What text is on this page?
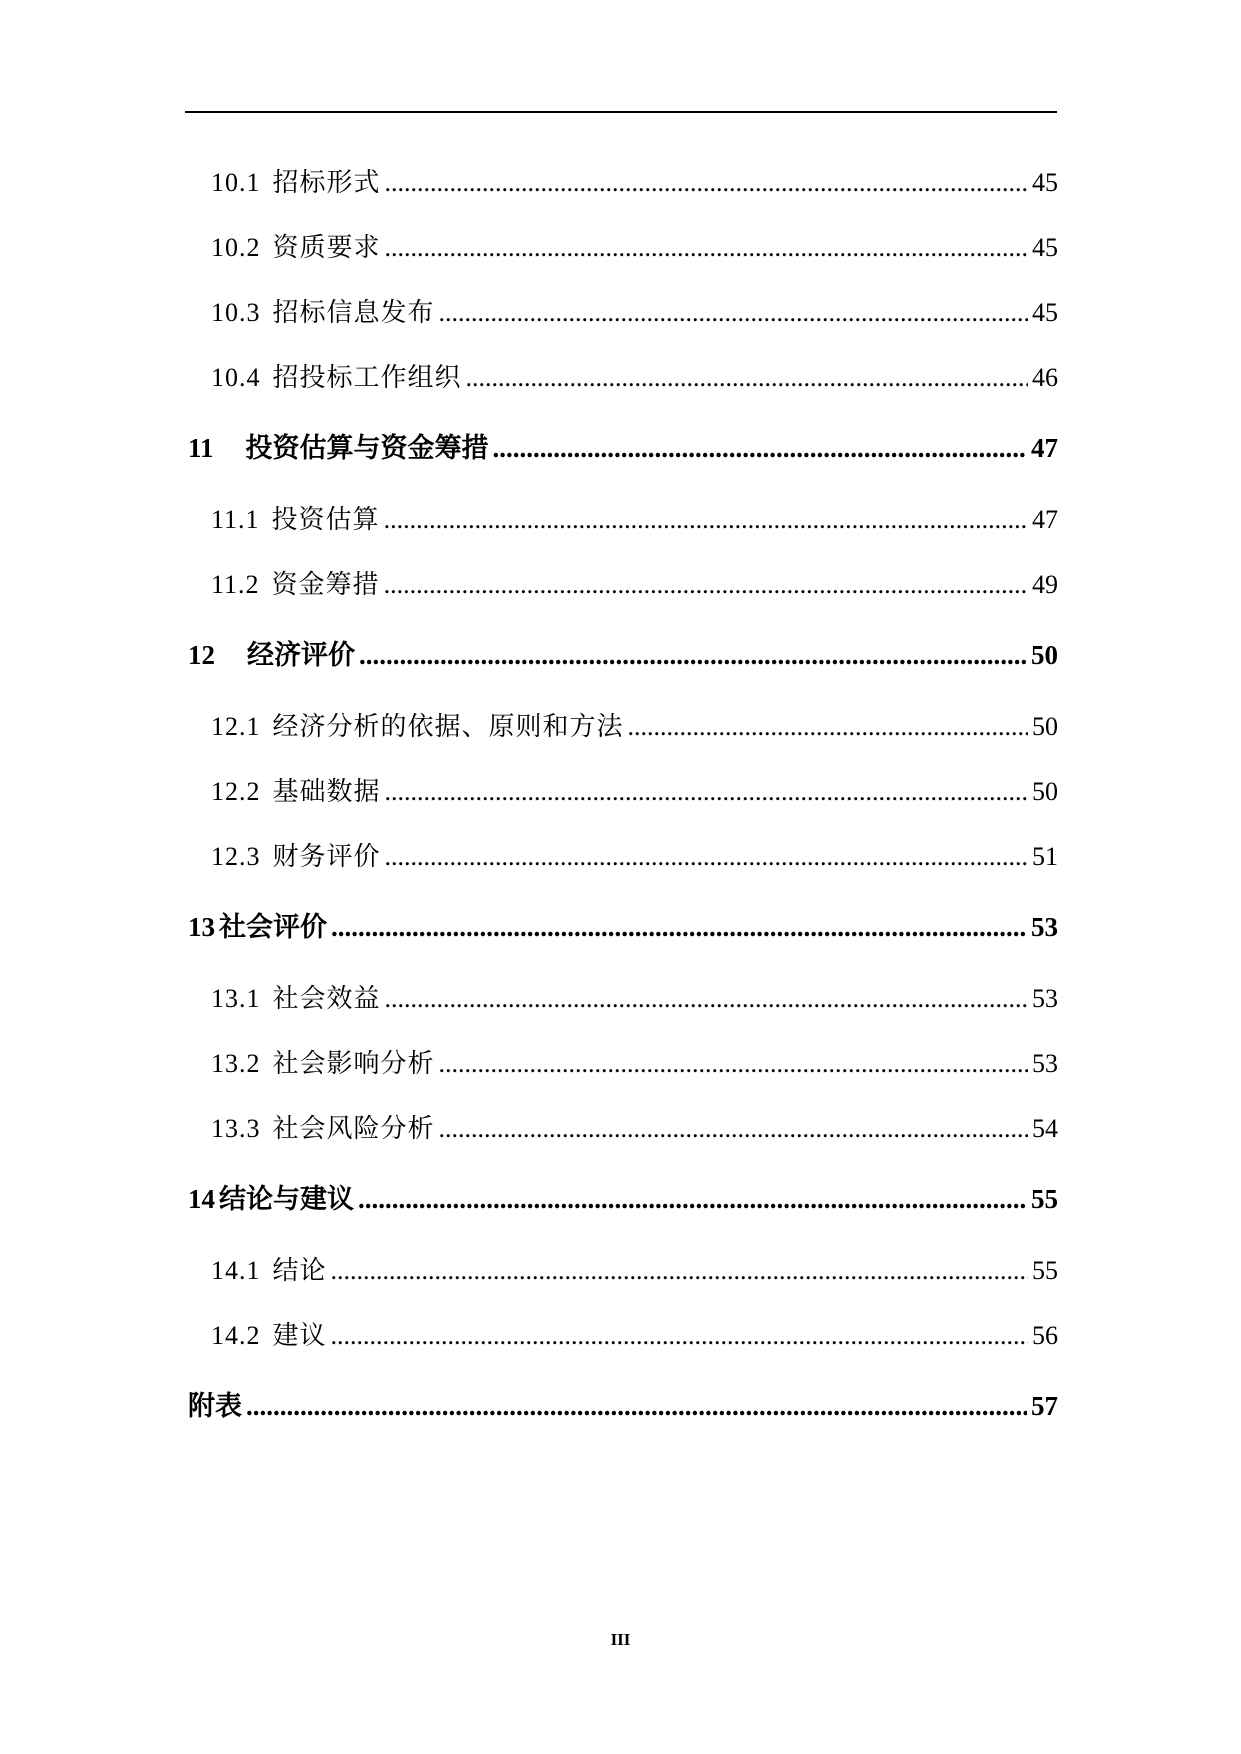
10.1 招标形式 .....	45
10.2 资质要求 .....	45
10.3 招标信息发布 .....	45
10.4 招投标工作组织 .....	46
11 投资估算与资金筹措 .....	47
11.1 投资估算 .....	47
11.2 资金筹措 .....	49
12 经济评价 .....	50
12.1 经济分析的依据、原则和方法 .....	50
12.2 基础数据 .....	50
12.3 财务评价 .....	51
13 社会评价 .....	53
13.1 社会效益 .....	53
13.2 社会影响分析 .....	53
13.3 社会风险分析 .....	54
14 结论与建议 .....	55
14.1 结论 .....	55
14.2 建议 .....	56
附表 .....	57
III
